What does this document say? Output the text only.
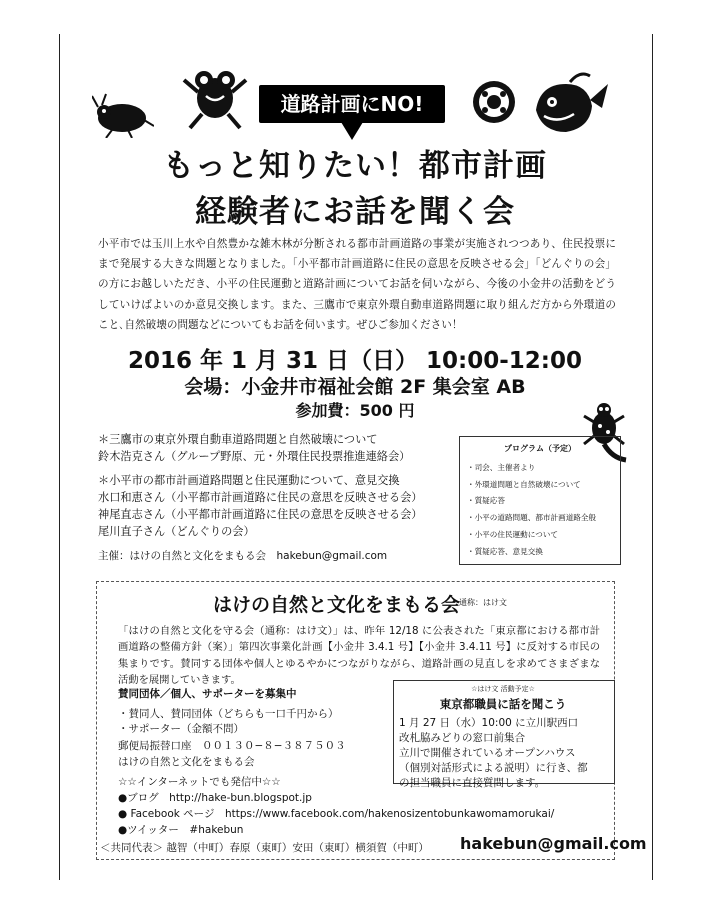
道路計画にNO!
もっと知りたい！都市計画
経験者にお話を聞く会
小平市では玉川上水や自然豊かな雑木林が分断される都市計画道路の事業が実施されつつあり、住民投票にまで発展する大きな問題となりました。「小平都市計画道路に住民の意思を反映させる会」「どんぐりの会」の方にお越しいただき、小平の住民運動と道路計画についてお話を伺いながら、今後の小金井の活動をどうしていけばよいのか意見交換します。また、三鷹市で東京外環自動車道路問題に取り組んだ方から外環道のこと､自然破壊の問題などについてもお話を伺います。ぜひご参加ください！
2016 年 1 月 31 日（日） 10:00-12:00
会場：小金井市福祉会館 2F 集会室 AB
参加費：500 円
＊三鷹市の東京外環自動車道路問題と自然破壊について
鈴木浩克さん（グループ野原、元・外環住民投票推進連絡会）
＊小平市の都市計画道路問題と住民運動について、意見交換
水口和恵さん（小平都市計画道路に住民の意思を反映させる会）
神尾直志さん（小平都市計画道路に住民の意思を反映させる会）
尾川直子さん（どんぐりの会）
主催：はけの自然と文化をまもる会　hakebun@gmail.com
プログラム（予定）
・司会、主催者より
・外環道問題と自然破壊について
・質疑応答
・小平の道路問題、都市計画道路全般
・小平の住民運動について
・質疑応答、意見交換
はけの自然と文化をまもる会
通称：はけ文
「はけの自然と文化を守る会（通称：はけ文）」は、昨年 12/18 に公表された「東京都における都市計画道路の整備方針（案）」第四次事業化計画【小金井 3.4.1 号】【小金井 3.4.11 号】に反対する市民の集まりです。賛同する団体や個人とゆるやかにつながりながら、道路計画の見直しを求めてさまざまな活動を展開していきます。
賛同団体／個人、サポーターを募集中
・賛同人、賛同団体（どちらも一口千円から）
・サポーター（金額不問）
郵便局振替口座　００１３０−８−３８７５０３
はけの自然と文化をまもる会
☆☆インターネットでも発信中☆☆
●ブログ　http://hake-bun.blogspot.jp
● Facebook ページ　https://www.facebook.com/hakenosizentobunkawomamorukai/
●ツイッター　#hakebun
☆はけ文 活動予定☆
東京都職員に話を聞こう
1 月 27 日（水）10:00 に立川駅西口
改札脇みどりの窓口前集合
立川で開催されているオープンハウス
（個別対話形式による説明）に行き、都
の担当職員に直接質問します。
＜共同代表＞ 越智（中町）春原（東町）安田（東町）横須賀（中町） hakebun@gmail.com
